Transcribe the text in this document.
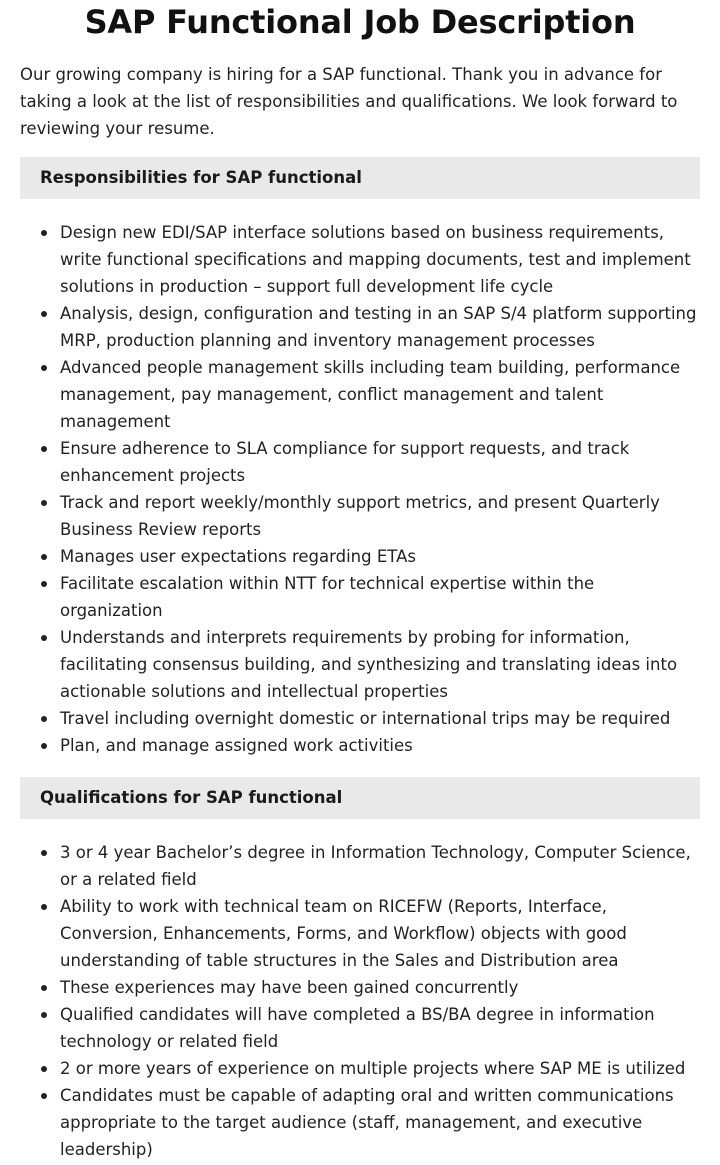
SAP Functional Job Description

Our growing company is hiring for a SAP functional. Thank you in advance for taking a look at the list of responsibilities and qualifications. We look forward to reviewing your resume.

Responsibilities for SAP functional
Design new EDI/SAP interface solutions based on business requirements, write functional specifications and mapping documents, test and implement solutions in production – support full development life cycle
Analysis, design, configuration and testing in an SAP S/4 platform supporting MRP, production planning and inventory management processes
Advanced people management skills including team building, performance management, pay management, conflict management and talent management
Ensure adherence to SLA compliance for support requests, and track enhancement projects
Track and report weekly/monthly support metrics, and present Quarterly Business Review reports
Manages user expectations regarding ETAs
Facilitate escalation within NTT for technical expertise within the organization
Understands and interprets requirements by probing for information, facilitating consensus building, and synthesizing and translating ideas into actionable solutions and intellectual properties
Travel including overnight domestic or international trips may be required
Plan, and manage assigned work activities
Qualifications for SAP functional
3 or 4 year Bachelor’s degree in Information Technology, Computer Science, or a related field
Ability to work with technical team on RICEFW (Reports, Interface, Conversion, Enhancements, Forms, and Workflow) objects with good understanding of table structures in the Sales and Distribution area
These experiences may have been gained concurrently
Qualified candidates will have completed a BS/BA degree in information technology or related field
2 or more years of experience on multiple projects where SAP ME is utilized
Candidates must be capable of adapting oral and written communications appropriate to the target audience (staff, management, and executive leadership)
